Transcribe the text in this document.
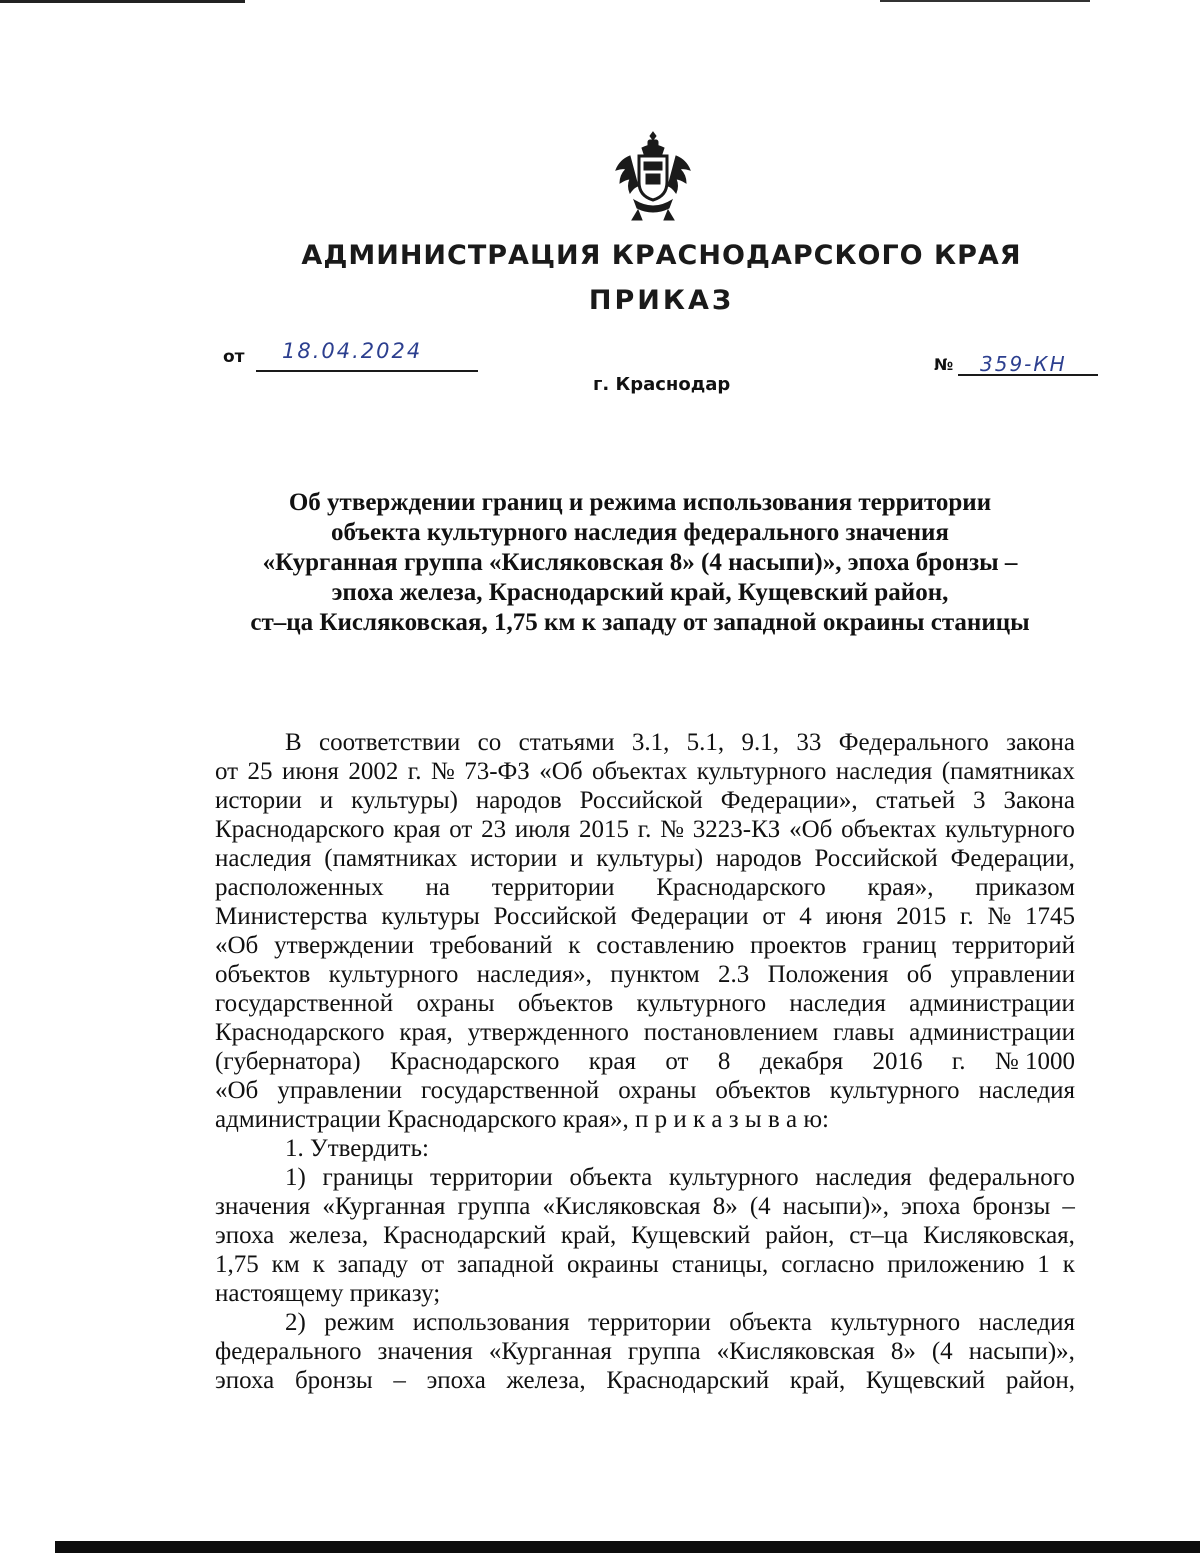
АДМИНИСТРАЦИЯ КРАСНОДАРСКОГО КРАЯ
ПРИКАЗ
от 18.04.2024
г. Краснодар
№ 359-КН
Об утверждении границ и режима использования территории
объекта культурного наследия федерального значения
«Курганная группа «Кисляковская 8» (4 насыпи)», эпоха бронзы –
эпоха железа, Краснодарский край, Кущевский район,
ст–ца Кисляковская, 1,75 км к западу от западной окраины станицы
В соответствии со статьями 3.1, 5.1, 9.1, 33 Федерального закона
от 25 июня 2002 г. № 73-ФЗ «Об объектах культурного наследия (памятниках
истории и культуры) народов Российской Федерации», статьей 3 Закона
Краснодарского края от 23 июля 2015 г. № 3223-КЗ «Об объектах культурного
наследия (памятниках истории и культуры) народов Российской Федерации,
расположенных на территории Краснодарского края», приказом
Министерства культуры Российской Федерации от 4 июня 2015 г. № 1745
«Об утверждении требований к составлению проектов границ территорий
объектов культурного наследия», пунктом 2.3 Положения об управлении
государственной охраны объектов культурного наследия администрации
Краснодарского края, утвержденного постановлением главы администрации
(губернатора) Краснодарского края от 8 декабря 2016 г. № 1000
«Об управлении государственной охраны объектов культурного наследия
администрации Краснодарского края», п р и к а з ы в а ю:
1. Утвердить:
1) границы территории объекта культурного наследия федерального
значения «Курганная группа «Кисляковская 8» (4 насыпи)», эпоха бронзы –
эпоха железа, Краснодарский край, Кущевский район, ст–ца Кисляковская,
1,75 км к западу от западной окраины станицы, согласно приложению 1 к
настоящему приказу;
2) режим использования территории объекта культурного наследия
федерального значения «Курганная группа «Кисляковская 8» (4 насыпи)»,
эпоха бронзы – эпоха железа, Краснодарский край, Кущевский район,
